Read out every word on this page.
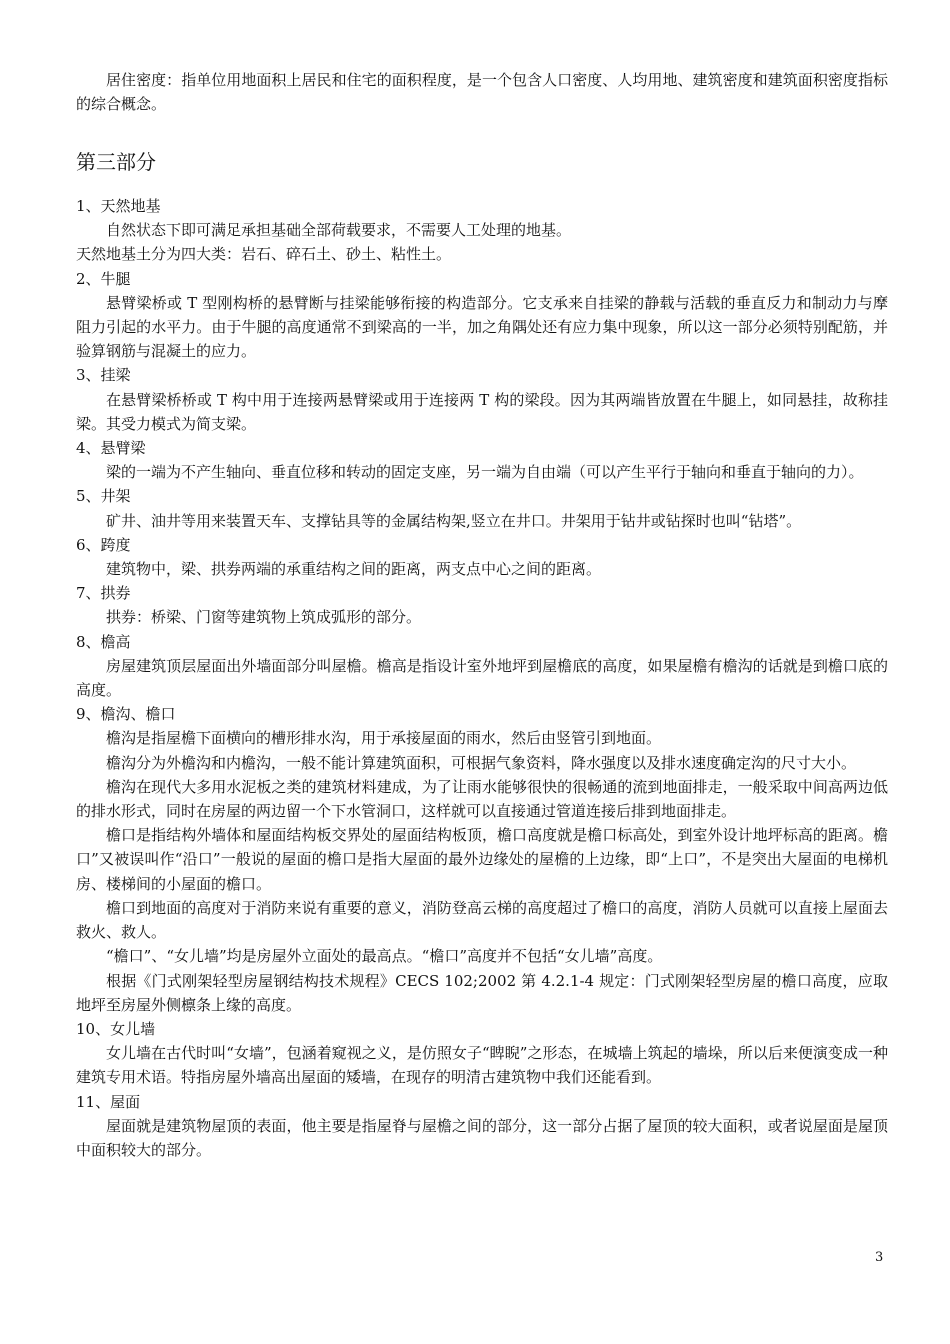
居住密度：指单位用地面积上居民和住宅的面积程度，是一个包含人口密度、人均用地、建筑密度和建筑面积密度指标的综合概念。

第三部分

1、天然地基

自然状态下即可满足承担基础全部荷载要求，不需要人工处理的地基。

天然地基土分为四大类：岩石、碎石土、砂土、粘性土。

2、牛腿

悬臂梁桥或 T 型刚构桥的悬臂断与挂梁能够衔接的构造部分。它支承来自挂梁的静载与活载的垂直反力和制动力与摩阻力引起的水平力。由于牛腿的高度通常不到梁高的一半，加之角隅处还有应力集中现象，所以这一部分必须特别配筋，并验算钢筋与混凝土的应力。

3、挂梁

在悬臂梁桥桥或 T 构中用于连接两悬臂梁或用于连接两 T 构的梁段。因为其两端皆放置在牛腿上，如同悬挂，故称挂梁。其受力模式为简支梁。

4、悬臂梁

梁的一端为不产生轴向、垂直位移和转动的固定支座，另一端为自由端（可以产生平行于轴向和垂直于轴向的力）。

5、井架

矿井、油井等用来装置天车、支撑钻具等的金属结构架,竖立在井口。井架用于钻井或钻探时也叫“钻塔”。

6、跨度

建筑物中，梁、拱券两端的承重结构之间的距离，两支点中心之间的距离。

7、拱券

拱券：桥梁、门窗等建筑物上筑成弧形的部分。

8、檐高

房屋建筑顶层屋面出外墙面部分叫屋檐。檐高是指设计室外地坪到屋檐底的高度，如果屋檐有檐沟的话就是到檐口底的高度。

9、檐沟、檐口

檐沟是指屋檐下面横向的槽形排水沟，用于承接屋面的雨水，然后由竖管引到地面。

檐沟分为外檐沟和内檐沟，一般不能计算建筑面积，可根据气象资料，降水强度以及排水速度确定沟的尺寸大小。

檐沟在现代大多用水泥板之类的建筑材料建成，为了让雨水能够很快的很畅通的流到地面排走，一般采取中间高两边低的排水形式，同时在房屋的两边留一个下水管洞口，这样就可以直接通过管道连接后排到地面排走。

檐口是指结构外墙体和屋面结构板交界处的屋面结构板顶，檐口高度就是檐口标高处，到室外设计地坪标高的距离。檐口”又被误叫作“沿口”一般说的屋面的檐口是指大屋面的最外边缘处的屋檐的上边缘，即“上口”，不是突出大屋面的电梯机房、楼梯间的小屋面的檐口。

檐口到地面的高度对于消防来说有重要的意义，消防登高云梯的高度超过了檐口的高度，消防人员就可以直接上屋面去救火、救人。

“檐口”、“女儿墙”均是房屋外立面处的最高点。“檐口”高度并不包括“女儿墙”高度。

根据《门式刚架轻型房屋钢结构技术规程》CECS 102;2002 第 4.2.1-4 规定：门式刚架轻型房屋的檐口高度，应取地坪至房屋外侧檩条上缘的高度。

10、女儿墙

女儿墙在古代时叫“女墙”，包涵着窥视之义，是仿照女子“睥睨”之形态，在城墙上筑起的墙垛，所以后来便演变成一种建筑专用术语。特指房屋外墙高出屋面的矮墙，在现存的明清古建筑物中我们还能看到。

11、屋面

屋面就是建筑物屋顶的表面，他主要是指屋脊与屋檐之间的部分，这一部分占据了屋顶的较大面积，或者说屋面是屋顶中面积较大的部分。

3
